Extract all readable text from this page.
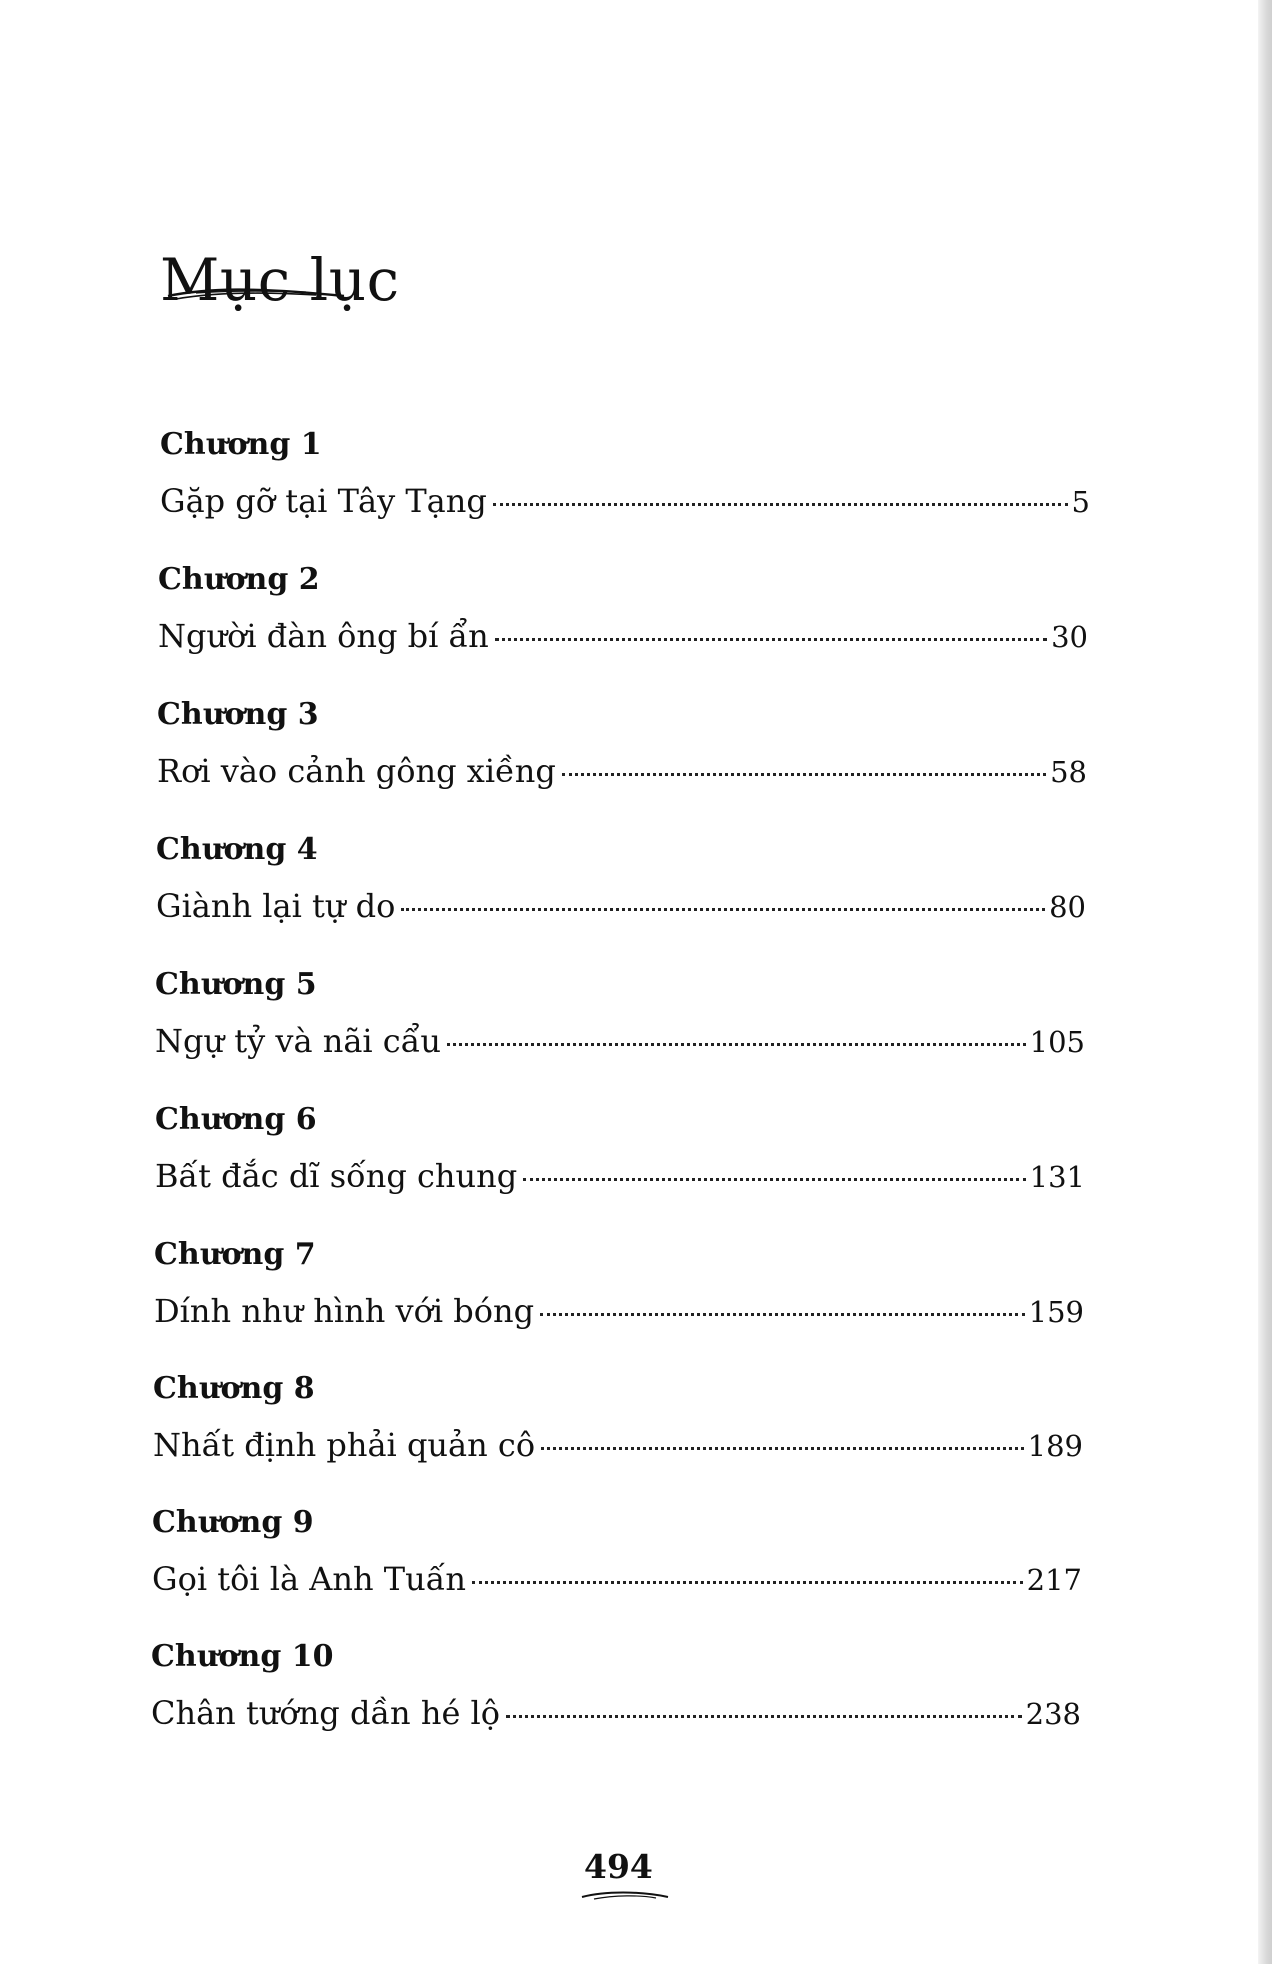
Mục lục
Chương 1
Gặp gỡ tại Tây Tạng	5
Chương 2
Người đàn ông bí ẩn	30
Chương 3
Rơi vào cảnh gông xiềng	58
Chương 4
Giành lại tự do	80
Chương 5
Ngự tỷ và nãi cẩu	105
Chương 6
Bất đắc dĩ sống chung	131
Chương 7
Dính như hình với bóng	159
Chương 8
Nhất định phải quản cô	189
Chương 9
Gọi tôi là Anh Tuấn	217
Chương 10
Chân tướng dần hé lộ	238
494
